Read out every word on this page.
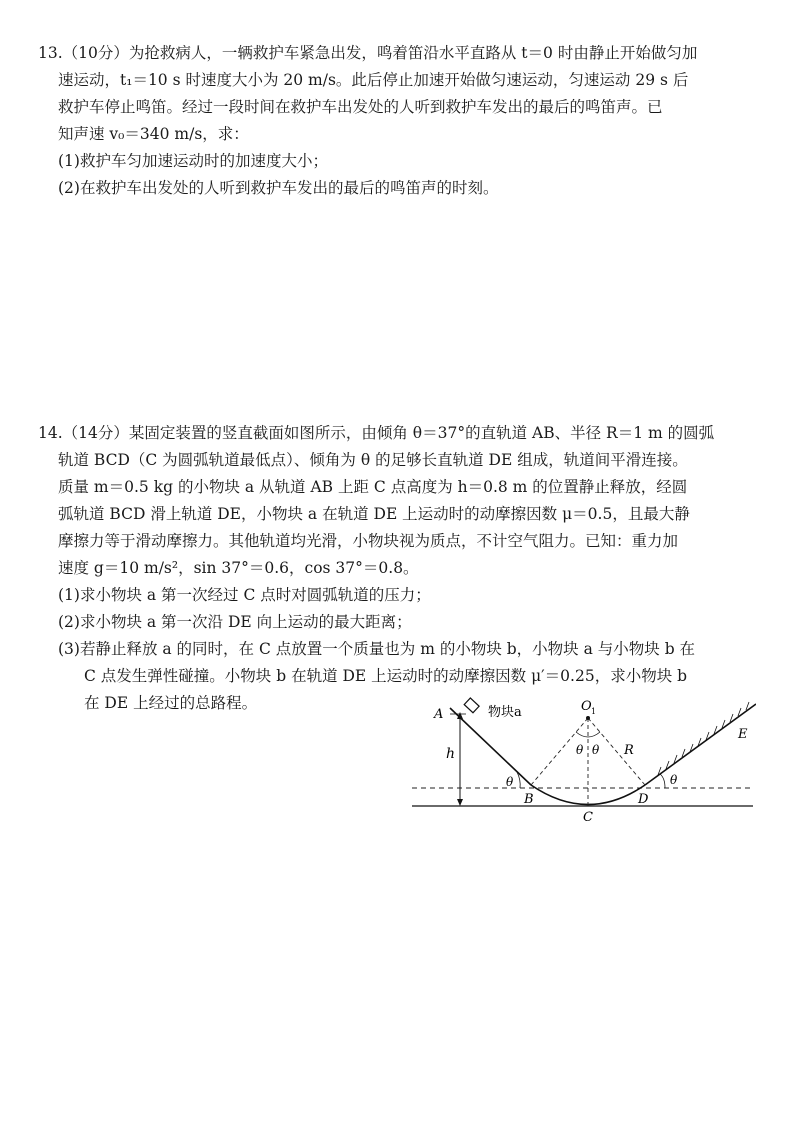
13.（10分）为抢救病人，一辆救护车紧急出发，鸣着笛沿水平直路从 t＝0 时由静止开始做匀加
速运动，t₁＝10 s 时速度大小为 20 m/s。此后停止加速开始做匀速运动，匀速运动 29 s 后
救护车停止鸣笛。经过一段时间在救护车出发处的人听到救护车发出的最后的鸣笛声。已
知声速 v₀＝340 m/s，求：
(1)救护车匀加速运动时的加速度大小；
(2)在救护车出发处的人听到救护车发出的最后的鸣笛声的时刻。
14.（14分）某固定装置的竖直截面如图所示，由倾角 θ＝37°的直轨道 AB、半径 R＝1 m 的圆弧
轨道 BCD（C 为圆弧轨道最低点）、倾角为 θ 的足够长直轨道 DE 组成，轨道间平滑连接。
质量 m＝0.5 kg 的小物块 a 从轨道 AB 上距 C 点高度为 h＝0.8 m 的位置静止释放，经圆
弧轨道 BCD 滑上轨道 DE，小物块 a 在轨道 DE 上运动时的动摩擦因数 μ＝0.5，且最大静
摩擦力等于滑动摩擦力。其他轨道均光滑，小物块视为质点，不计空气阻力。已知：重力加
速度 g＝10 m/s²，sin 37°＝0.6，cos 37°＝0.8。
(1)求小物块 a 第一次经过 C 点时对圆弧轨道的压力；
(2)求小物块 a 第一次沿 DE 向上运动的最大距离；
(3)若静止释放 a 的同时，在 C 点放置一个质量也为 m 的小物块 b，小物块 a 与小物块 b 在
C 点发生弹性碰撞。小物块 b 在轨道 DE 上运动时的动摩擦因数 μ′＝0.25，求小物块 b
在 DE 上经过的总路程。
A	物块a
h
θ
B
C
D
E
O 1
θ θ R
θ
